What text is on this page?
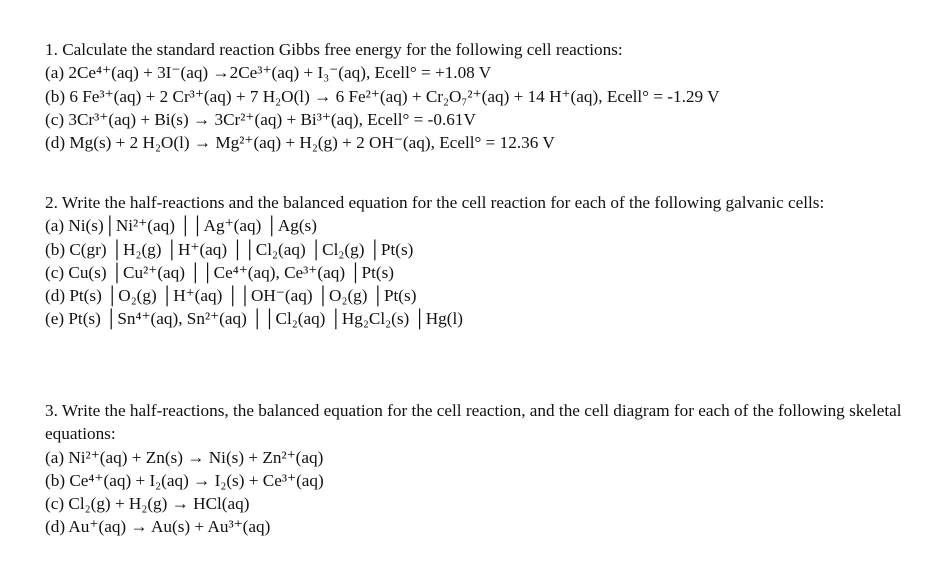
1. Calculate the standard reaction Gibbs free energy for the following cell reactions:
(a) 2Ce⁴⁺(aq) + 3I⁻(aq) →2Ce³⁺(aq) + I₃⁻(aq), Ecell° = +1.08 V
(b) 6 Fe³⁺(aq) + 2 Cr³⁺(aq) + 7 H₂O(l) → 6 Fe²⁺(aq) + Cr₂O₇²⁺(aq) + 14 H⁺(aq), Ecell° = -1.29 V
(c) 3Cr³⁺(aq) + Bi(s) → 3Cr²⁺(aq) + Bi³⁺(aq), Ecell° = -0.61V
(d) Mg(s) + 2 H₂O(l) → Mg²⁺(aq) + H₂(g) + 2 OH⁻(aq), Ecell° = 12.36 V
2. Write the half-reactions and the balanced equation for the cell reaction for each of the following galvanic cells:
(a) Ni(s)│Ni²⁺(aq) ││Ag⁺(aq) │Ag(s)
(b) C(gr) │H₂(g) │H⁺(aq) ││Cl₂(aq) │Cl₂(g) │Pt(s)
(c) Cu(s) │Cu²⁺(aq) ││Ce⁴⁺(aq), Ce³⁺(aq) │Pt(s)
(d) Pt(s) │O₂(g) │H⁺(aq) ││OH⁻(aq) │O₂(g) │Pt(s)
(e) Pt(s) │Sn⁴⁺(aq), Sn²⁺(aq) ││Cl₂(aq) │Hg₂Cl₂(s) │Hg(l)
3. Write the half-reactions, the balanced equation for the cell reaction, and the cell diagram for each of the following skeletal equations:
(a) Ni²⁺(aq) + Zn(s) → Ni(s) + Zn²⁺(aq)
(b) Ce⁴⁺(aq) + I₂(aq) → I₂(s) + Ce³⁺(aq)
(c) Cl₂(g) + H₂(g) → HCl(aq)
(d) Au⁺(aq) → Au(s) + Au³⁺(aq)
